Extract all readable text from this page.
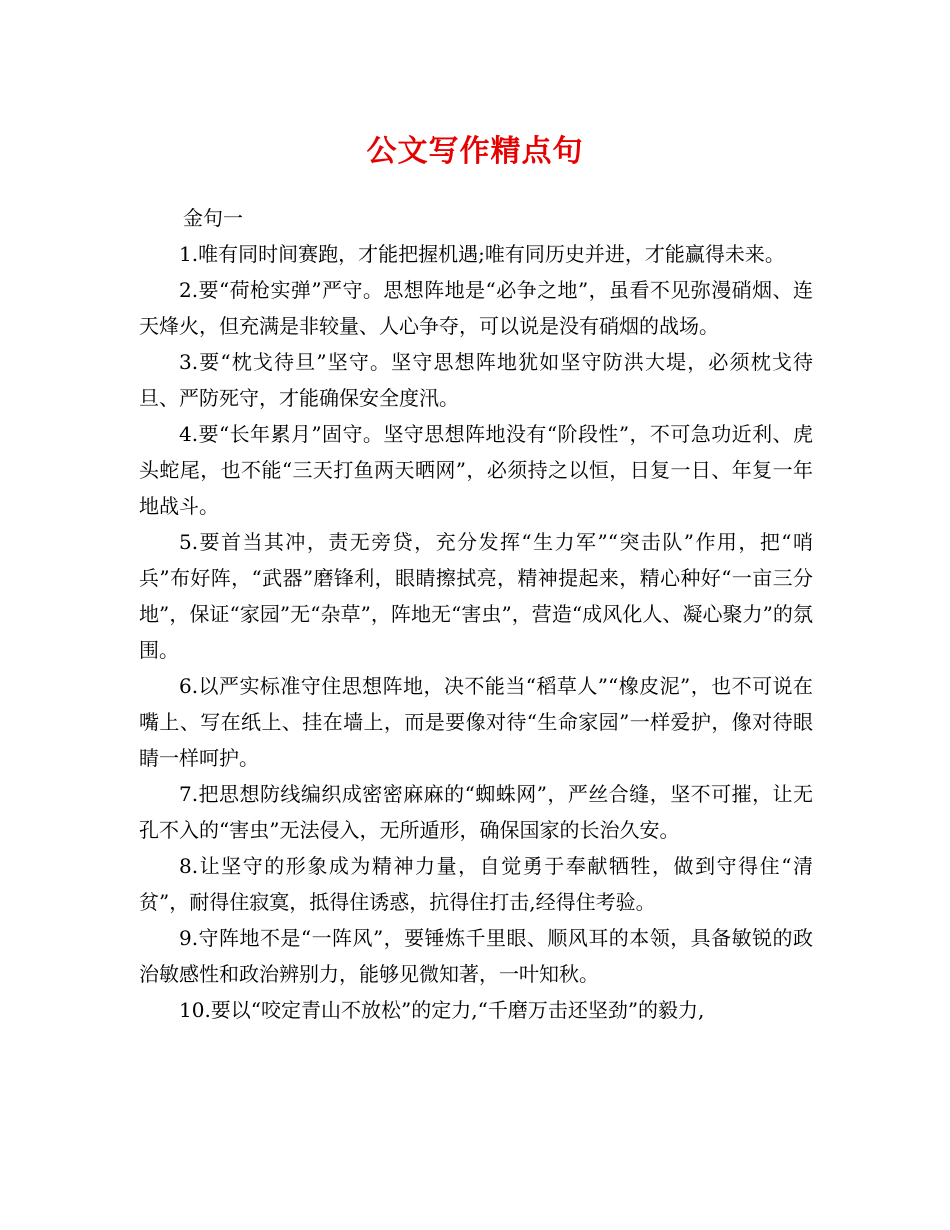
公文写作精点句

金句一

1.唯有同时间赛跑，才能把握机遇;唯有同历史并进，才能赢得未来。

2.要“荷枪实弹”严守。思想阵地是“必争之地”，虽看不见弥漫硝烟、连天烽火，但充满是非较量、人心争夺，可以说是没有硝烟的战场。

3.要“枕戈待旦”坚守。坚守思想阵地犹如坚守防洪大堤，必须枕戈待旦、严防死守，才能确保安全度汛。

4.要“长年累月”固守。坚守思想阵地没有“阶段性”，不可急功近利、虎头蛇尾，也不能“三天打鱼两天晒网”，必须持之以恒，日复一日、年复一年地战斗。

5.要首当其冲，责无旁贷，充分发挥“生力军”“突击队”作用，把“哨兵”布好阵，“武器”磨锋利，眼睛擦拭亮，精神提起来，精心种好“一亩三分地”，保证“家园”无“杂草”，阵地无“害虫”，营造“成风化人、凝心聚力”的氛围。

6.以严实标准守住思想阵地，决不能当“稻草人”“橡皮泥”，也不可说在嘴上、写在纸上、挂在墙上，而是要像对待“生命家园”一样爱护，像对待眼睛一样呵护。

7.把思想防线编织成密密麻麻的“蜘蛛网”，严丝合缝，坚不可摧，让无孔不入的“害虫”无法侵入，无所遁形，确保国家的长治久安。

8.让坚守的形象成为精神力量，自觉勇于奉献牺牲，做到守得住“清贫”，耐得住寂寞，抵得住诱惑，抗得住打击,经得住考验。

9.守阵地不是“一阵风”，要锤炼千里眼、顺风耳的本领，具备敏锐的政治敏感性和政治辨别力，能够见微知著，一叶知秋。

10.要以“咬定青山不放松”的定力,“千磨万击还坚劲”的毅力,
